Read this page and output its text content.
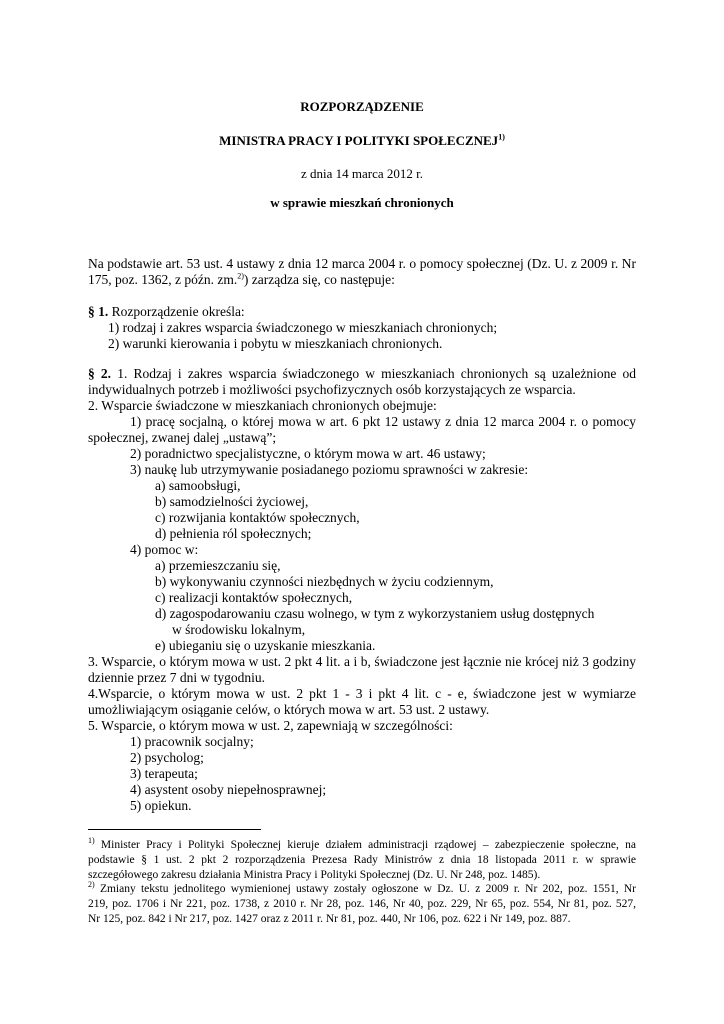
ROZPORZĄDZENIE
MINISTRA PRACY I POLITYKI SPOŁECZNEJ$^{1)}$
z dnia 14 marca 2012 r.
w sprawie mieszkań chronionych
Na podstawie art. 53 ust. 4 ustawy z dnia 12 marca 2004 r. o pomocy społecznej (Dz. U. z 2009 r. Nr
175, poz. 1362, z późn. zm.$^{2)}$) zarządza się, co następuje:
§ 1. Rozporządzenie określa:
1) rodzaj i zakres wsparcia świadczonego w mieszkaniach chronionych;
2) warunki kierowania i pobytu w mieszkaniach chronionych.
§ 2. 1. Rodzaj i zakres wsparcia świadczonego w mieszkaniach chronionych są uzależnione od
indywidualnych potrzeb i możliwości psychofizycznych osób korzystających ze wsparcia.
2. Wsparcie świadczone w mieszkaniach chronionych obejmuje:
1) pracę socjalną, o której mowa w art. 6 pkt 12 ustawy z dnia 12 marca 2004 r. o pomocy
społecznej, zwanej dalej „ustawą”;
2) poradnictwo specjalistyczne, o którym mowa w art. 46 ustawy;
3) naukę lub utrzymywanie posiadanego poziomu sprawności w zakresie:
a) samoobsługi,
b) samodzielności życiowej,
c) rozwijania kontaktów społecznych,
d) pełnienia ról społecznych;
4) pomoc w:
a) przemieszczaniu się,
b) wykonywaniu czynności niezbędnych w życiu codziennym,
c) realizacji kontaktów społecznych,
d) zagospodarowaniu czasu wolnego, w tym z wykorzystaniem usług dostępnych
w środowisku lokalnym,
e) ubieganiu się o uzyskanie mieszkania.
3. Wsparcie, o którym mowa w ust. 2 pkt 4 lit. a i b, świadczone jest łącznie nie krócej niż 3 godziny
dziennie przez 7 dni w tygodniu.
4.Wsparcie, o którym mowa w ust. 2 pkt 1 - 3 i pkt 4 lit. c - e, świadczone jest w wymiarze
umożliwiającym osiąganie celów, o których mowa w art. 53 ust. 2 ustawy.
5. Wsparcie, o którym mowa w ust. 2, zapewniają w szczególności:
1) pracownik socjalny;
2) psycholog;
3) terapeuta;
4) asystent osoby niepełnosprawnej;
5) opiekun.
$^{1)}$ Minister Pracy i Polityki Społecznej kieruje działem administracji rządowej – zabezpieczenie społeczne, na
podstawie § 1 ust. 2 pkt 2 rozporządzenia Prezesa Rady Ministrów z dnia 18 listopada 2011 r. w sprawie
szczegółowego zakresu działania Ministra Pracy i Polityki Społecznej (Dz. U. Nr 248, poz. 1485).
$^{2)}$ Zmiany tekstu jednolitego wymienionej ustawy zostały ogłoszone w Dz. U. z 2009 r. Nr 202, poz. 1551, Nr
219, poz. 1706 i Nr 221, poz. 1738, z 2010 r. Nr 28, poz. 146, Nr 40, poz. 229, Nr 65, poz. 554, Nr 81, poz. 527,
Nr 125, poz. 842 i Nr 217, poz. 1427 oraz z 2011 r. Nr 81, poz. 440, Nr 106, poz. 622 i Nr 149, poz. 887.
